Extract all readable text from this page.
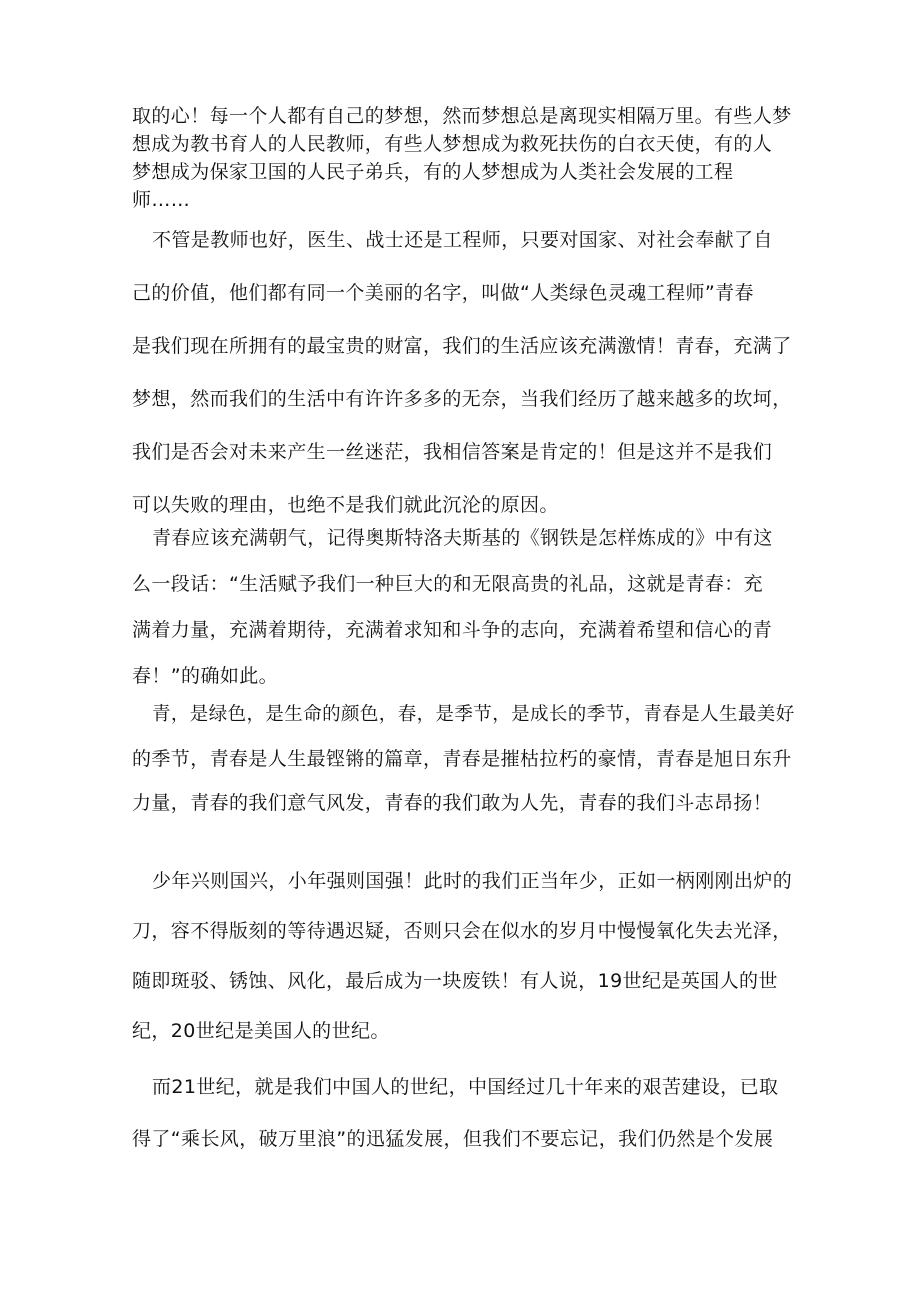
取的心！每一个人都有自己的梦想，然而梦想总是离现实相隔万里。有些人梦
想成为教书育人的人民教师，有些人梦想成为救死扶伤的白衣天使，有的人
梦想成为保家卫国的人民子弟兵，有的人梦想成为人类社会发展的工程
师……
不管是教师也好，医生、战士还是工程师，只要对国家、对社会奉献了自
己的价值，他们都有同一个美丽的名字，叫做“人类绿色灵魂工程师”青春
是我们现在所拥有的最宝贵的财富，我们的生活应该充满激情！青春，充满了
梦想，然而我们的生活中有许许多多的无奈，当我们经历了越来越多的坎坷，
我们是否会对未来产生一丝迷茫，我相信答案是肯定的！但是这并不是我们
可以失败的理由，也绝不是我们就此沉沦的原因。
青春应该充满朝气，记得奥斯特洛夫斯基的《钢铁是怎样炼成的》中有这
么一段话：“生活赋予我们一种巨大的和无限高贵的礼品，这就是青春：充
满着力量，充满着期待，充满着求知和斗争的志向，充满着希望和信心的青
春！”的确如此。
青，是绿色，是生命的颜色，春，是季节，是成长的季节，青春是人生最美好
的季节，青春是人生最铿锵的篇章，青春是摧枯拉朽的豪情，青春是旭日东升
力量，青春的我们意气风发，青春的我们敢为人先，青春的我们斗志昂扬！
少年兴则国兴，小年强则国强！此时的我们正当年少，正如一柄刚刚出炉的
刀，容不得版刻的等待遇迟疑，否则只会在似水的岁月中慢慢氧化失去光泽，
随即斑驳、锈蚀、风化，最后成为一块废铁！有人说，19世纪是英国人的世
纪，20世纪是美国人的世纪。
而21世纪，就是我们中国人的世纪，中国经过几十年来的艰苦建设，已取
得了“乘长风，破万里浪”的迅猛发展，但我们不要忘记，我们仍然是个发展
